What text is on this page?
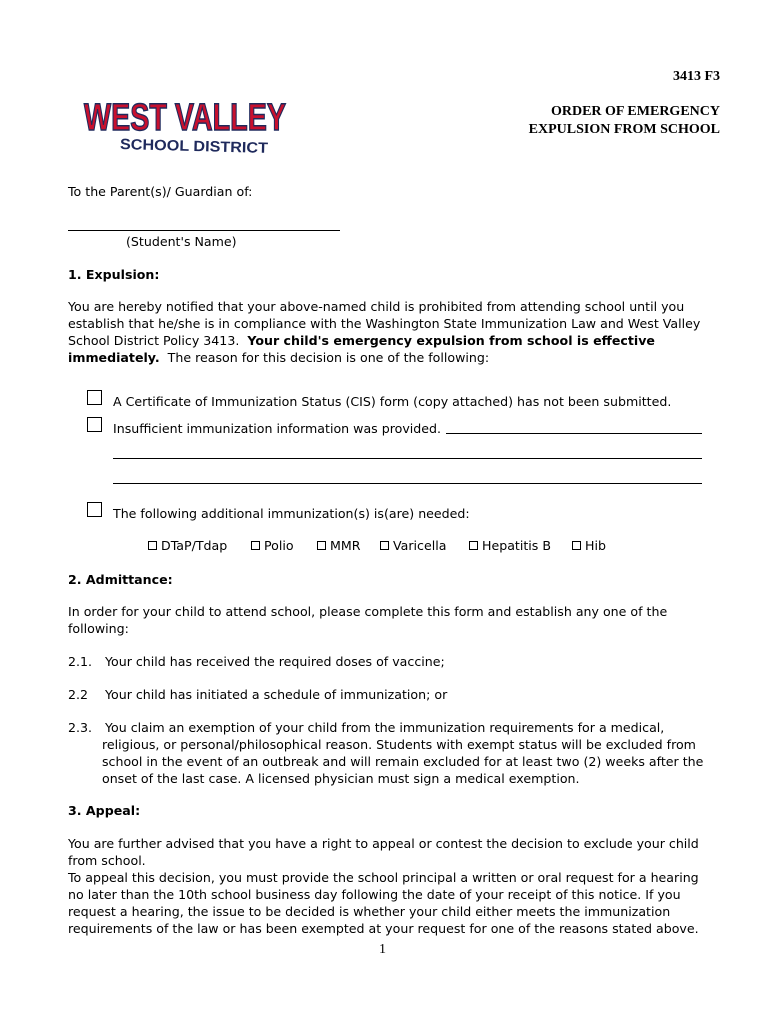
3413 F3
ORDER OF EMERGENCY
EXPULSION FROM SCHOOL
WEST VALLEY
SCHOOL DISTRICT
To the Parent(s)/ Guardian of:
(Student's Name)
1. Expulsion:

You are hereby notified that your above-named child is prohibited from attending school until you

establish that he/she is in compliance with the Washington State Immunization Law and West Valley

School District Policy 3413. Your child's emergency expulsion from school is effective

immediately. The reason for this decision is one of the following:

A Certificate of Immunization Status (CIS) form (copy attached) has not been submitted.
Insufficient immunization information was provided.
The following additional immunization(s) is(are) needed:
DTaP/Tdap	Polio	MMR	Varicella	Hepatitis B	Hib
2. Admittance:

In order for your child to attend school, please complete this form and establish any one of the

following:

2.1. Your child has received the required doses of vaccine;
2.2 Your child has initiated a schedule of immunization; or
2.3. You claim an exemption of your child from the immunization requirements for a medical,

religious, or personal/philosophical reason. Students with exempt status will be excluded from

school in the event of an outbreak and will remain excluded for at least two (2) weeks after the

onset of the last case. A licensed physician must sign a medical exemption.

3. Appeal:

You are further advised that you have a right to appeal or contest the decision to exclude your child

from school.

To appeal this decision, you must provide the school principal a written or oral request for a hearing

no later than the 10th school business day following the date of your receipt of this notice. If you

request a hearing, the issue to be decided is whether your child either meets the immunization

requirements of the law or has been exempted at your request for one of the reasons stated above.

1
